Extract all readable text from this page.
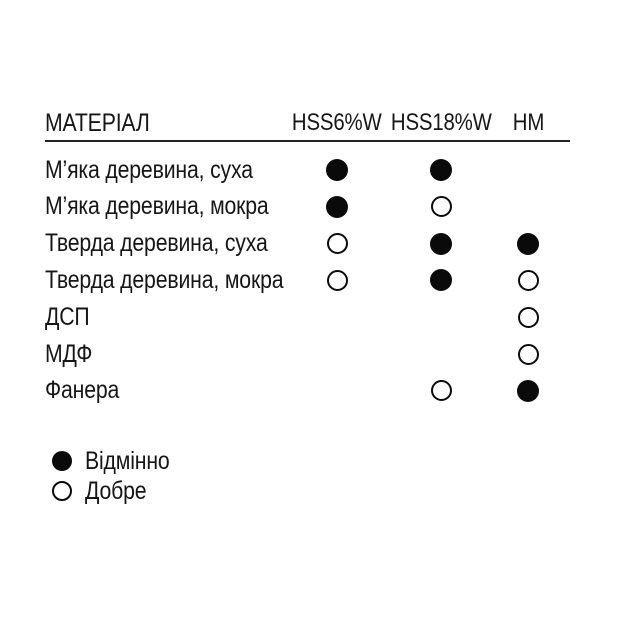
МАТЕРІАЛ	HSS6%W HSS18%W HM
М’яка деревина, суха
М’яка деревина, мокра
Тверда деревина, суха
Тверда деревина, мокра
ДСП
МДФ
Фанера
Відмінно
Добре
